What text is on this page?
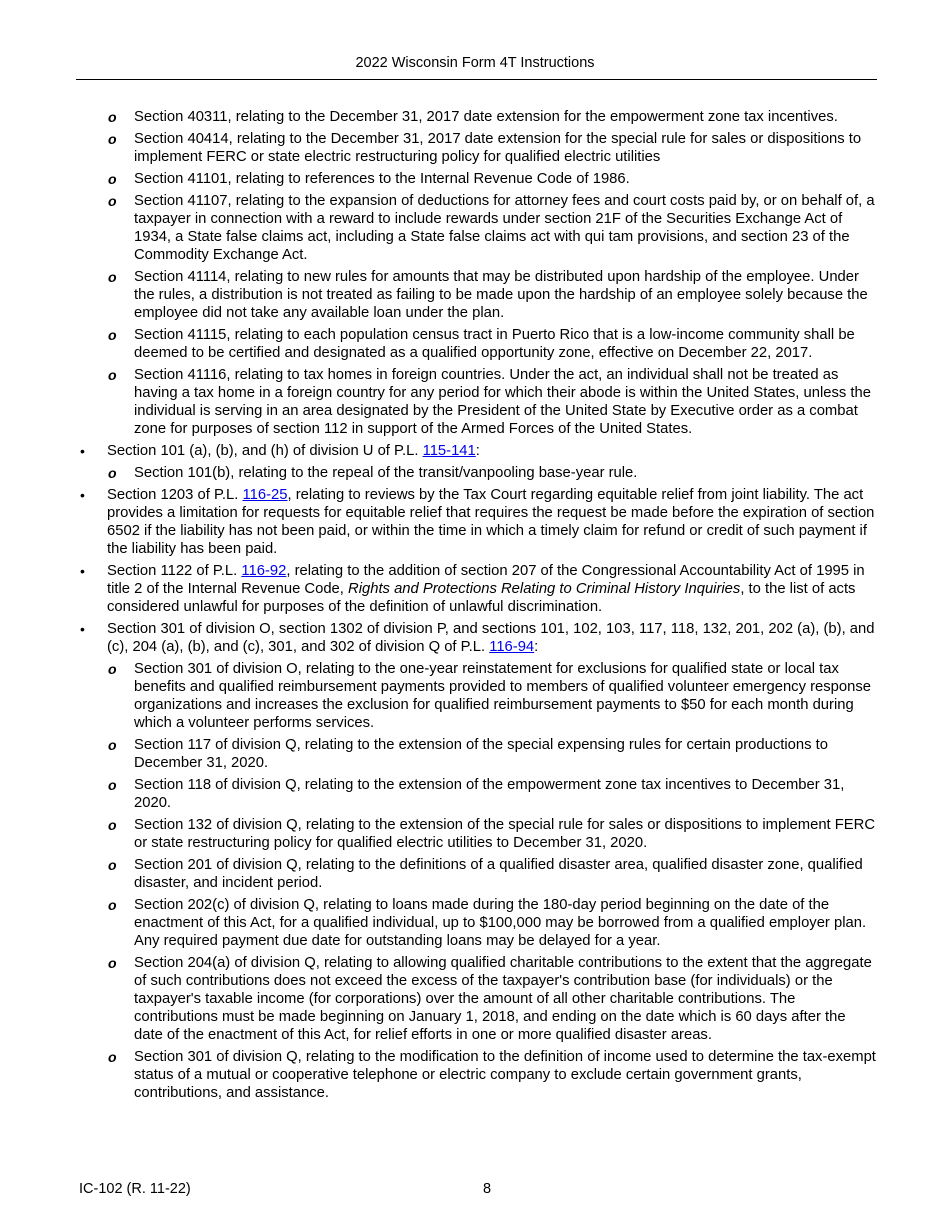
2022 Wisconsin Form 4T Instructions
o Section 40311, relating to the December 31, 2017 date extension for the empowerment zone tax incentives.
o Section 40414, relating to the December 31, 2017 date extension for the special rule for sales or dispositions to implement FERC or state electric restructuring policy for qualified electric utilities
o Section 41101, relating to references to the Internal Revenue Code of 1986.
o Section 41107, relating to the expansion of deductions for attorney fees and court costs paid by, or on behalf of, a taxpayer in connection with a reward to include rewards under section 21F of the Securities Exchange Act of 1934, a State false claims act, including a State false claims act with qui tam provisions, and section 23 of the Commodity Exchange Act.
o Section 41114, relating to new rules for amounts that may be distributed upon hardship of the employee. Under the rules, a distribution is not treated as failing to be made upon the hardship of an employee solely because the employee did not take any available loan under the plan.
o Section 41115, relating to each population census tract in Puerto Rico that is a low-income community shall be deemed to be certified and designated as a qualified opportunity zone, effective on December 22, 2017.
o Section 41116, relating to tax homes in foreign countries. Under the act, an individual shall not be treated as having a tax home in a foreign country for any period for which their abode is within the United States, unless the individual is serving in an area designated by the President of the United State by Executive order as a combat zone for purposes of section 112 in support of the Armed Forces of the United States.
• Section 101 (a), (b), and (h) of division U of P.L. 115-141:
o Section 101(b), relating to the repeal of the transit/vanpooling base-year rule.
• Section 1203 of P.L. 116-25, relating to reviews by the Tax Court regarding equitable relief from joint liability. The act provides a limitation for requests for equitable relief that requires the request be made before the expiration of section 6502 if the liability has not been paid, or within the time in which a timely claim for refund or credit of such payment if the liability has been paid.
• Section 1122 of P.L. 116-92, relating to the addition of section 207 of the Congressional Accountability Act of 1995 in title 2 of the Internal Revenue Code, Rights and Protections Relating to Criminal History Inquiries, to the list of acts considered unlawful for purposes of the definition of unlawful discrimination.
• Section 301 of division O, section 1302 of division P, and sections 101, 102, 103, 117, 118, 132, 201, 202 (a), (b), and (c), 204 (a), (b), and (c), 301, and 302 of division Q of P.L. 116-94:
o Section 301 of division O, relating to the one-year reinstatement for exclusions for qualified state or local tax benefits and qualified reimbursement payments provided to members of qualified volunteer emergency response organizations and increases the exclusion for qualified reimbursement payments to $50 for each month during which a volunteer performs services.
o Section 117 of division Q, relating to the extension of the special expensing rules for certain productions to December 31, 2020.
o Section 118 of division Q, relating to the extension of the empowerment zone tax incentives to December 31, 2020.
o Section 132 of division Q, relating to the extension of the special rule for sales or dispositions to implement FERC or state restructuring policy for qualified electric utilities to December 31, 2020.
o Section 201 of division Q, relating to the definitions of a qualified disaster area, qualified disaster zone, qualified disaster, and incident period.
o Section 202(c) of division Q, relating to loans made during the 180-day period beginning on the date of the enactment of this Act, for a qualified individual, up to $100,000 may be borrowed from a qualified employer plan. Any required payment due date for outstanding loans may be delayed for a year.
o Section 204(a) of division Q, relating to allowing qualified charitable contributions to the extent that the aggregate of such contributions does not exceed the excess of the taxpayer's contribution base (for individuals) or the taxpayer's taxable income (for corporations) over the amount of all other charitable contributions. The contributions must be made beginning on January 1, 2018, and ending on the date which is 60 days after the date of the enactment of this Act, for relief efforts in one or more qualified disaster areas.
o Section 301 of division Q, relating to the modification to the definition of income used to determine the tax-exempt status of a mutual or cooperative telephone or electric company to exclude certain government grants, contributions, and assistance.
IC-102 (R. 11-22)	8
